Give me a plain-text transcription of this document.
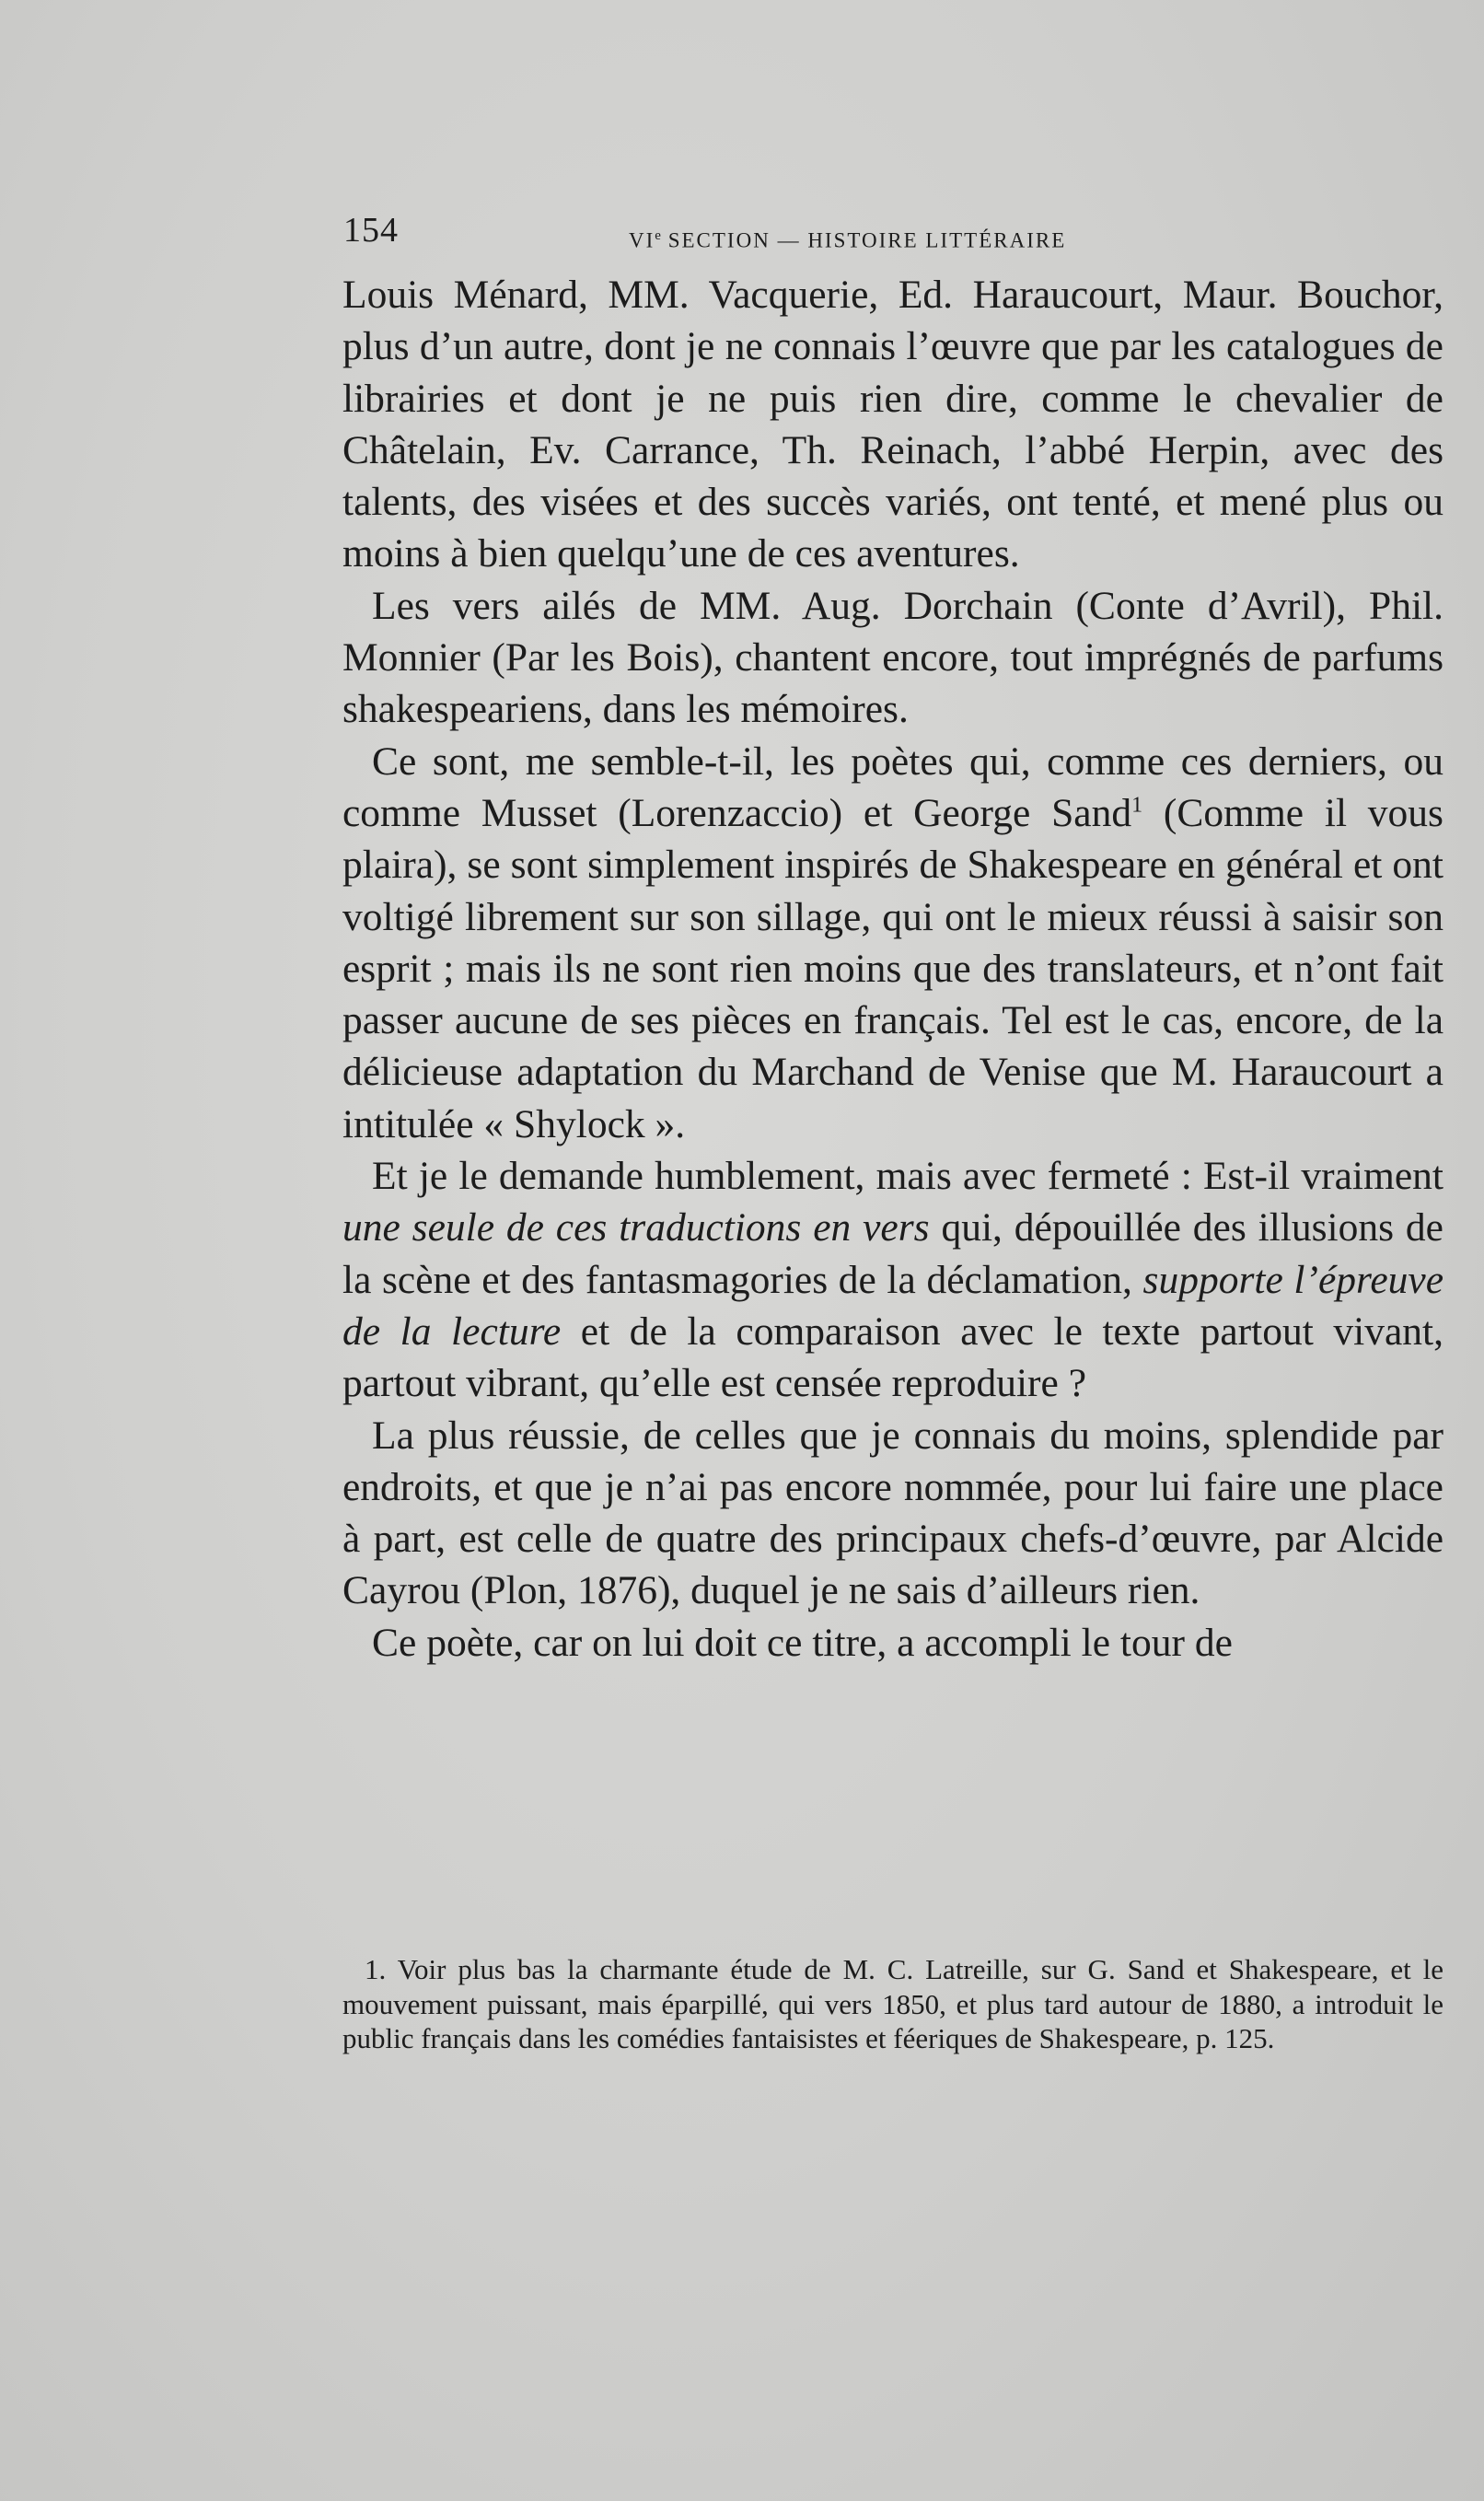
154	VIe SECTION — HISTOIRE LITTÉRAIRE

Louis Ménard, MM. Vacquerie, Ed. Haraucourt, Maur. Bouchor, plus d’un autre, dont je ne connais l’œuvre que par les catalogues de librairies et dont je ne puis rien dire, comme le chevalier de Châtelain, Ev. Carrance, Th. Reinach, l’abbé Herpin, avec des talents, des visées et des succès variés, ont tenté, et mené plus ou moins à bien quelqu’une de ces aventures.

Les vers ailés de MM. Aug. Dorchain (Conte d’Avril), Phil. Monnier (Par les Bois), chantent encore, tout imprégnés de parfums shakespeariens, dans les mémoires.

Ce sont, me semble-t-il, les poètes qui, comme ces derniers, ou comme Musset (Lorenzaccio) et George Sand$^1$ (Comme il vous plaira), se sont simplement inspirés de Shakespeare en général et ont voltigé librement sur son sillage, qui ont le mieux réussi à saisir son esprit ; mais ils ne sont rien moins que des translateurs, et n’ont fait passer aucune de ses pièces en français. Tel est le cas, encore, de la délicieuse adaptation du Marchand de Venise que M. Haraucourt a intitulée « Shylock ».

Et je le demande humblement, mais avec fermeté : Est-il vraiment une seule de ces traductions en vers qui, dépouillée des illusions de la scène et des fantasmagories de la déclamation, supporte l’épreuve de la lecture et de la comparaison avec le texte partout vivant, partout vibrant, qu’elle est censée reproduire ?

La plus réussie, de celles que je connais du moins, splendide par endroits, et que je n’ai pas encore nommée, pour lui faire une place à part, est celle de quatre des principaux chefs-d’œuvre, par Alcide Cayrou (Plon, 1876), duquel je ne sais d’ailleurs rien.

Ce poète, car on lui doit ce titre, a accompli le tour de

1. Voir plus bas la charmante étude de M. C. Latreille, sur G. Sand et Shakespeare, et le mouvement puissant, mais éparpillé, qui vers 1850, et plus tard autour de 1880, a introduit le public français dans les comédies fantaisistes et féeriques de Shakespeare, p. 125.
